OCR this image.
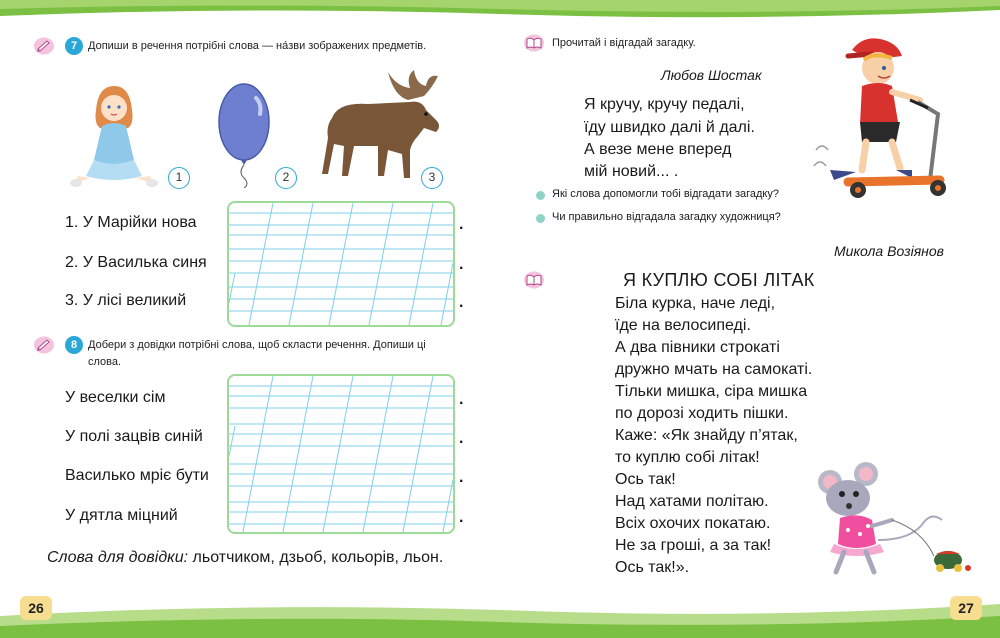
26	27
7 Допиши в речення потрібні слова — на́зви зображених предметів.
1	2	3
1. У Марійки нова
2. У Василька синя
3. У лісі великий
.
.
.
8 Добери з довідки потрібні слова, щоб скласти речення. Допиши ці
слова.
У веселки сім
У полі зацвів синій
Василько мріє бути
У дятла міцний
.
.
.
.
Слова для довідки: льотчиком, дзьоб, кольорів, льон.
Прочитай і відгадай загадку.
Любов Шостак
Я кручу, кручу педалі,
їду швидко далі й далі.
А везе мене вперед
мій новий... .
Які слова допомогли тобі відгадати загадку?
Чи правильно відгадала загадку художниця?
Микола Возіянов
Я КУПЛЮ СОБІ ЛІТАК
Біла курка, наче леді,
їде на велосипеді.
А два півники строкаті
дружно мчать на самокаті.
Тільки мишка, сіра мишка
по дорозі ходить пішки.
Каже: «Як знайду п’ятак,
то куплю собі літак!
Ось так!
Над хатами політаю.
Всіх охочих покатаю.
Не за гроші, а за так!
Ось так!».
